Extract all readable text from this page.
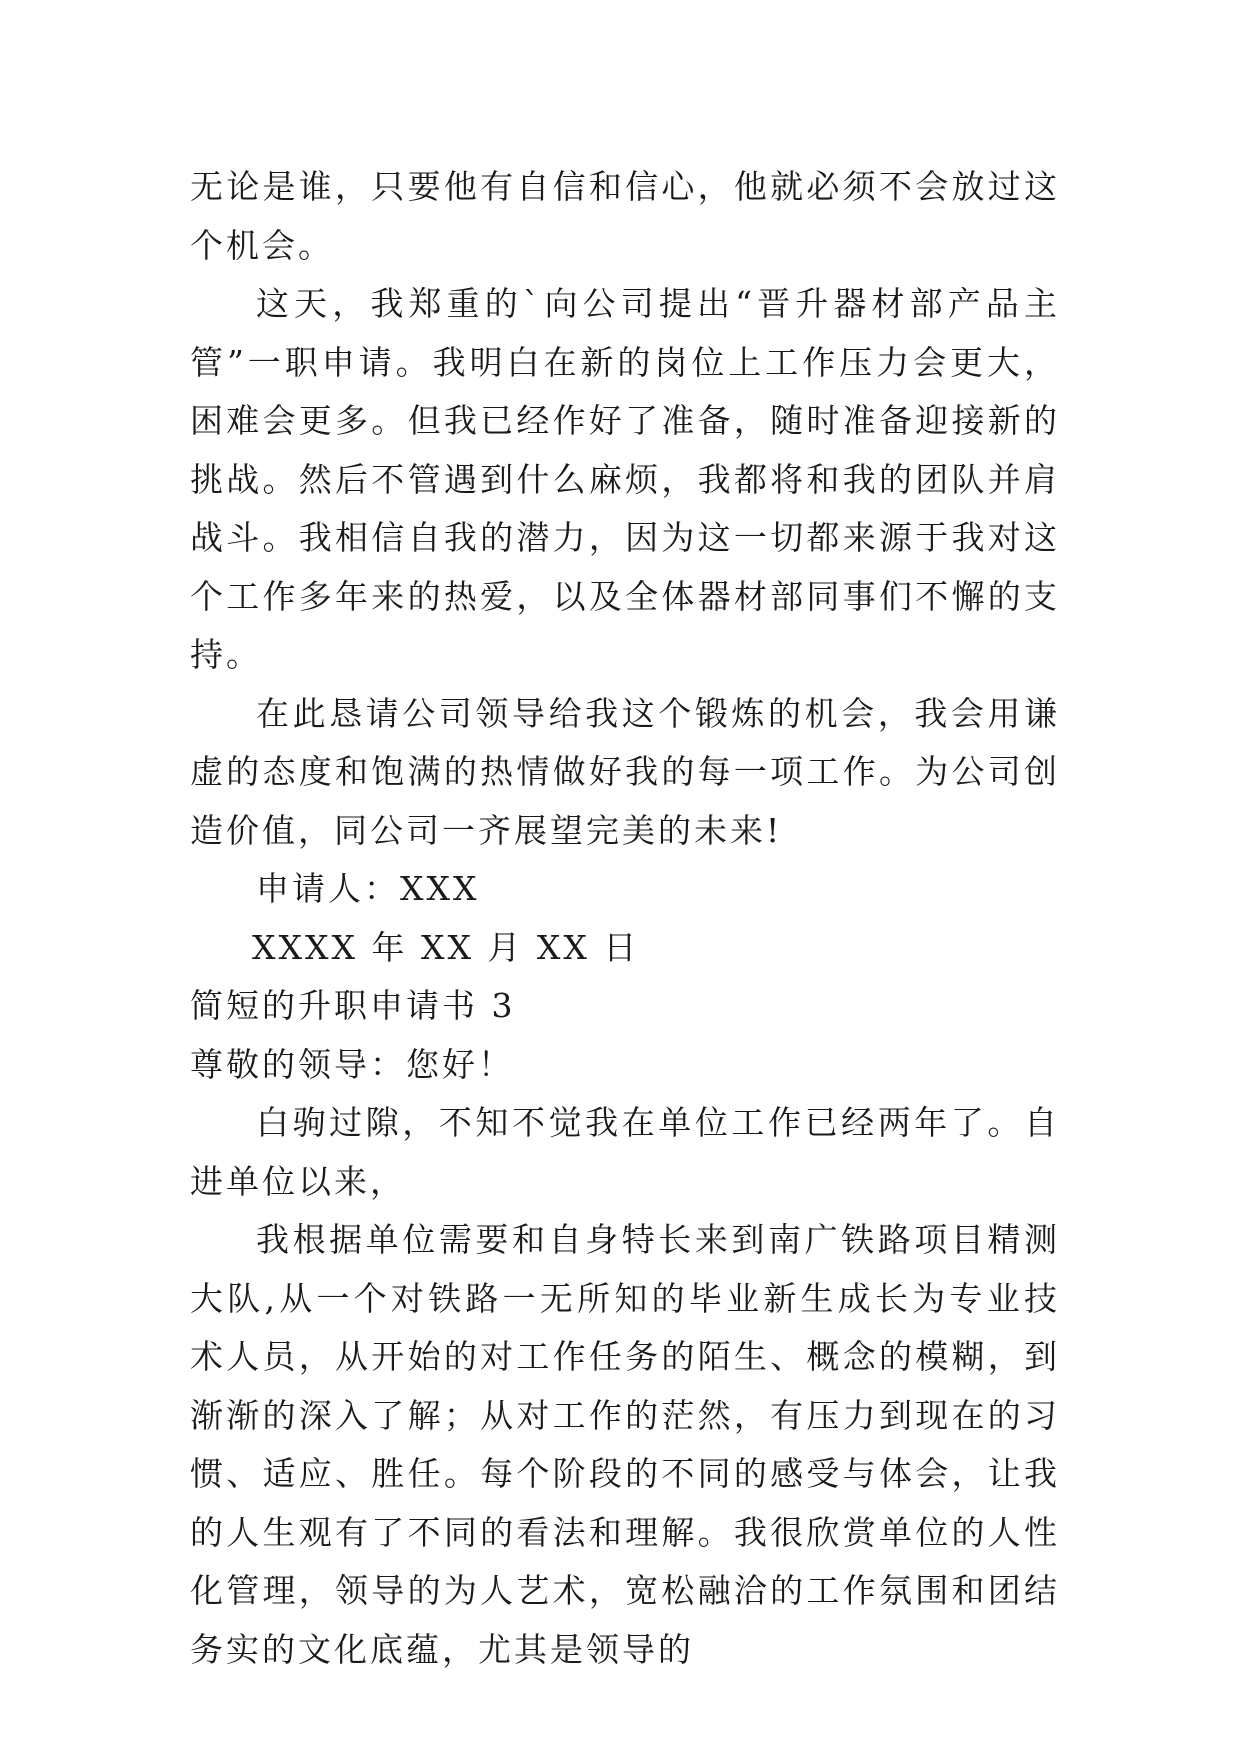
无论是谁，只要他有自信和信心，他就必须不会放过这个机会。

这天，我郑重的`向公司提出“晋升器材部产品主管”一职申请。我明白在新的岗位上工作压力会更大，困难会更多。但我已经作好了准备，随时准备迎接新的挑战。然后不管遇到什么麻烦，我都将和我的团队并肩战斗。我相信自我的潜力，因为这一切都来源于我对这个工作多年来的热爱，以及全体器材部同事们不懈的支持。

在此恳请公司领导给我这个锻炼的机会，我会用谦虚的态度和饱满的热情做好我的每一项工作。为公司创造价值，同公司一齐展望完美的未来!

申请人：XXX

XXXX 年 XX 月 XX 日

简短的升职申请书 3

尊敬的领导：您好！

白驹过隙，不知不觉我在单位工作已经两年了。自进单位以来，

我根据单位需要和自身特长来到南广铁路项目精测大队,从一个对铁路一无所知的毕业新生成长为专业技术人员，从开始的对工作任务的陌生、概念的模糊，到渐渐的深入了解；从对工作的茫然，有压力到现在的习惯、适应、胜任。每个阶段的不同的感受与体会，让我的人生观有了不同的看法和理解。我很欣赏单位的人性化管理，领导的为人艺术，宽松融洽的工作氛围和团结务实的文化底蕴，尤其是领导的
